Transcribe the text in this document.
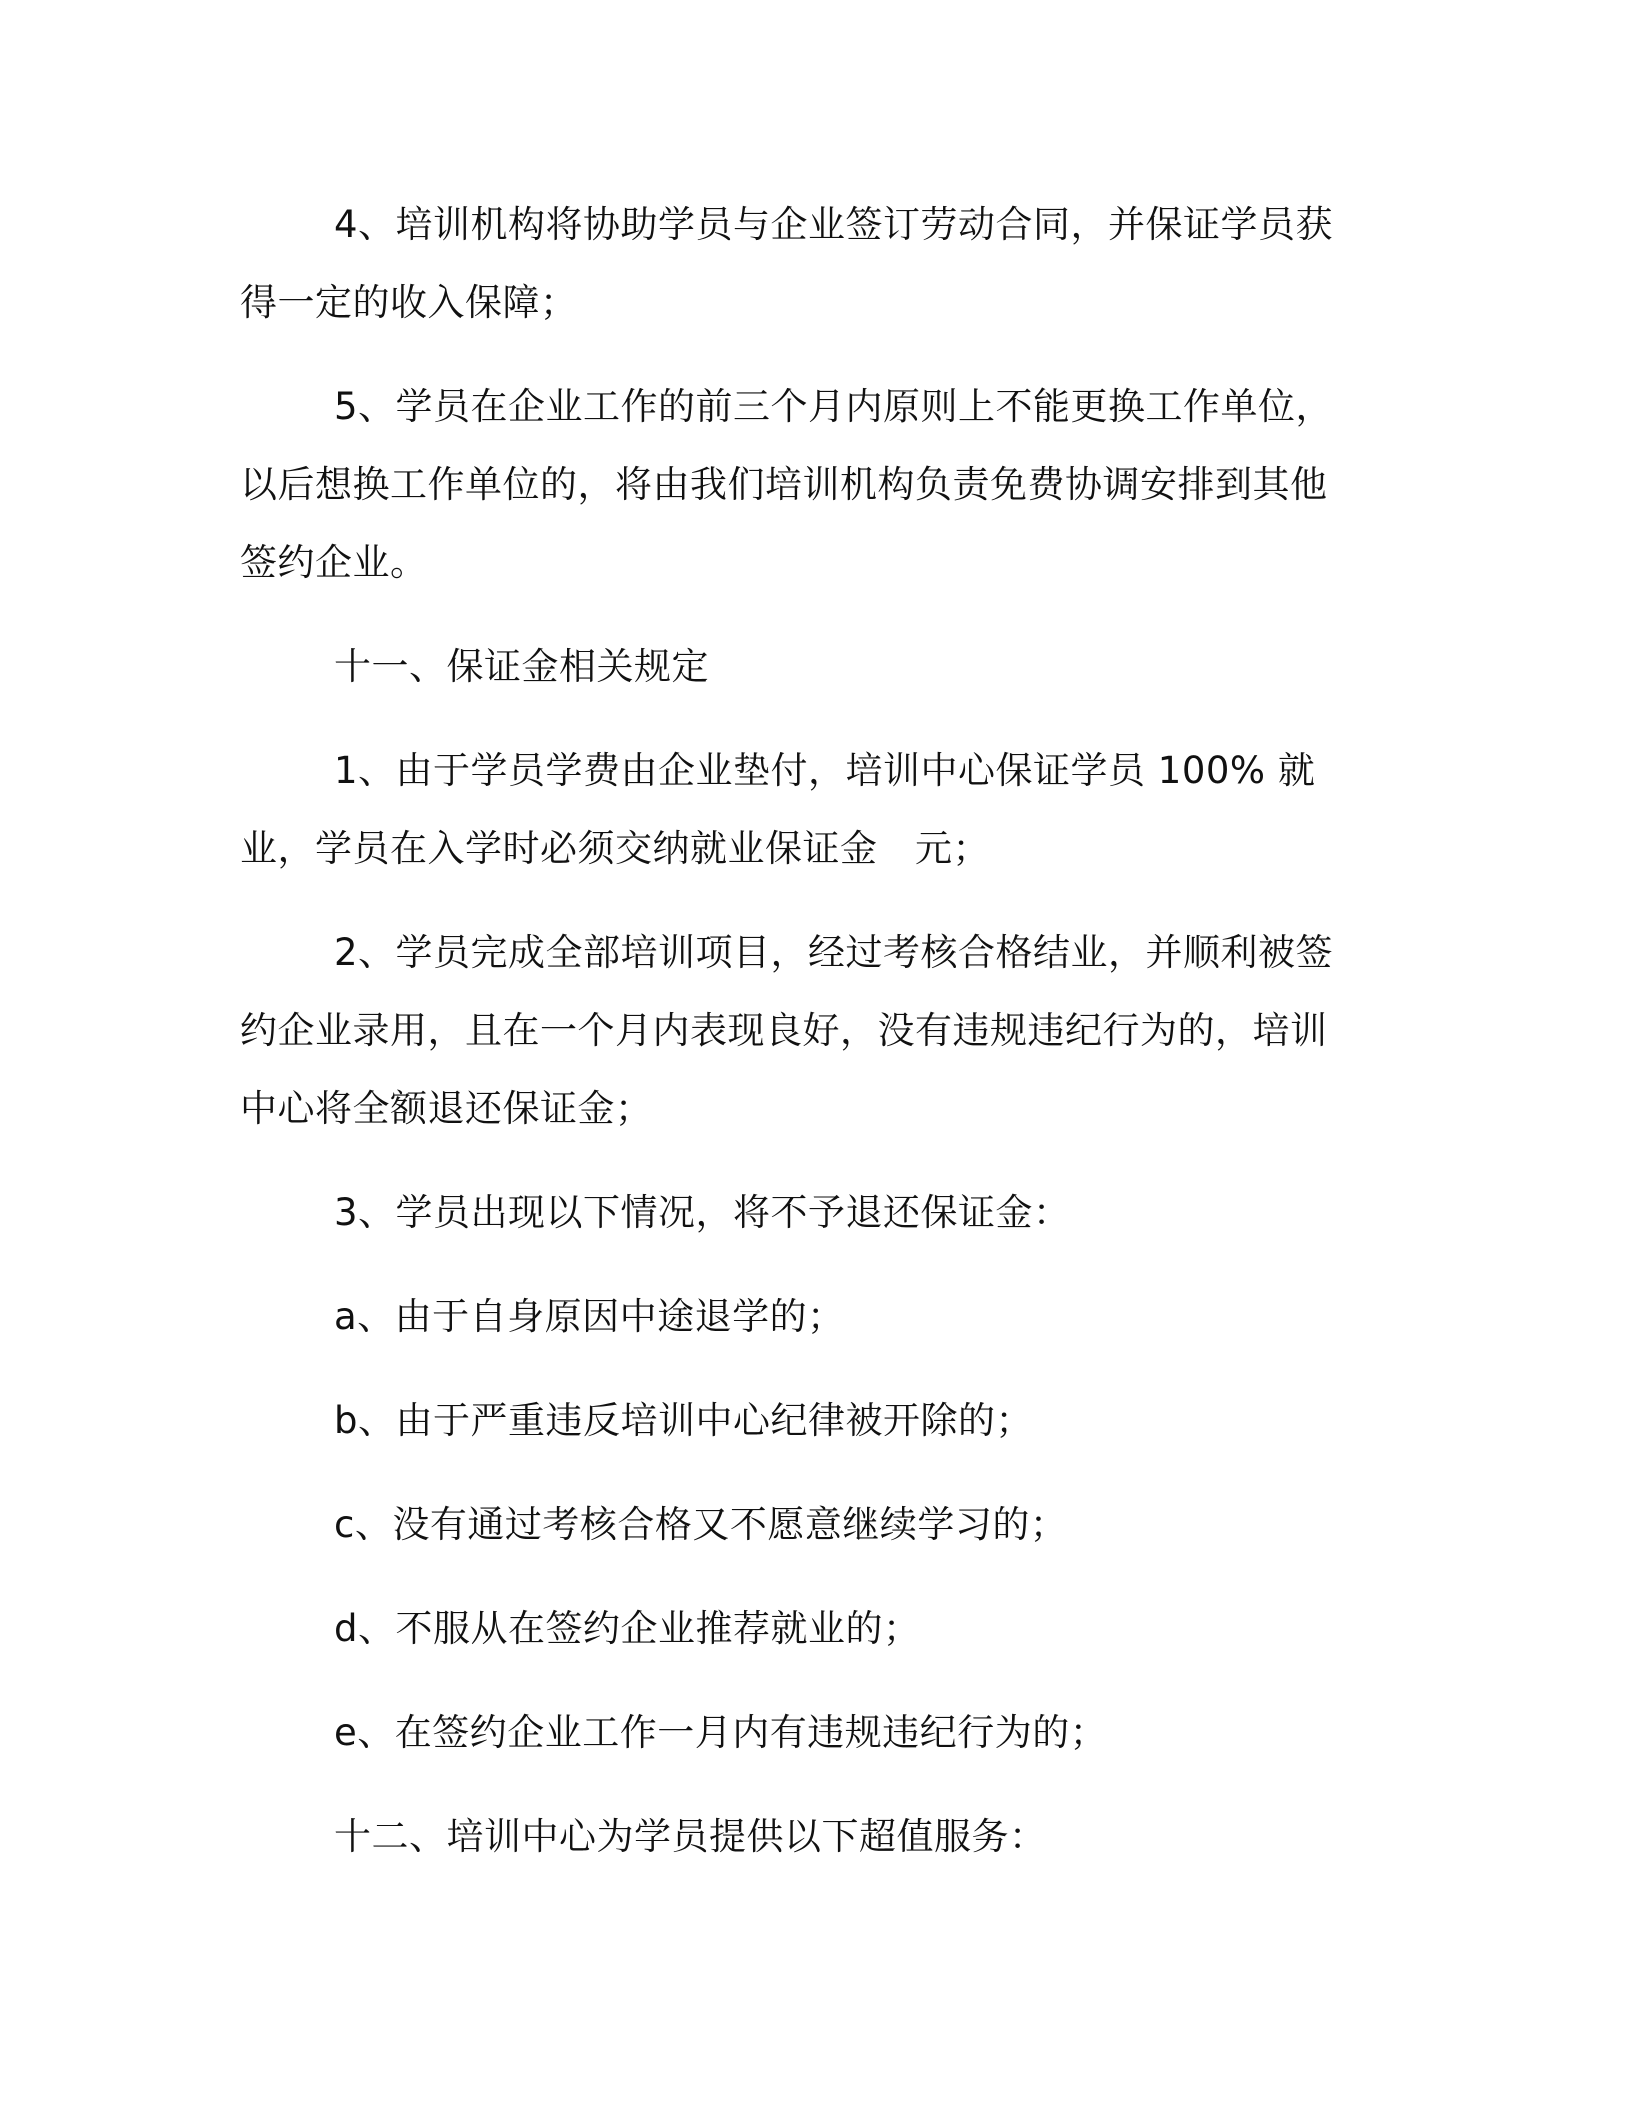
4、培训机构将协助学员与企业签订劳动合同，并保证学员获得一定的收入保障；

5、学员在企业工作的前三个月内原则上不能更换工作单位，以后想换工作单位的，将由我们培训机构负责免费协调安排到其他签约企业。

十一、保证金相关规定

1、由于学员学费由企业垫付，培训中心保证学员 100% 就业，学员在入学时必须交纳就业保证金　元；

2、学员完成全部培训项目，经过考核合格结业，并顺利被签约企业录用，且在一个月内表现良好，没有违规违纪行为的，培训中心将全额退还保证金；

3、学员出现以下情况，将不予退还保证金：

a、由于自身原因中途退学的；

b、由于严重违反培训中心纪律被开除的；

c、没有通过考核合格又不愿意继续学习的；

d、不服从在签约企业推荐就业的；

e、在签约企业工作一月内有违规违纪行为的；

十二、培训中心为学员提供以下超值服务：
